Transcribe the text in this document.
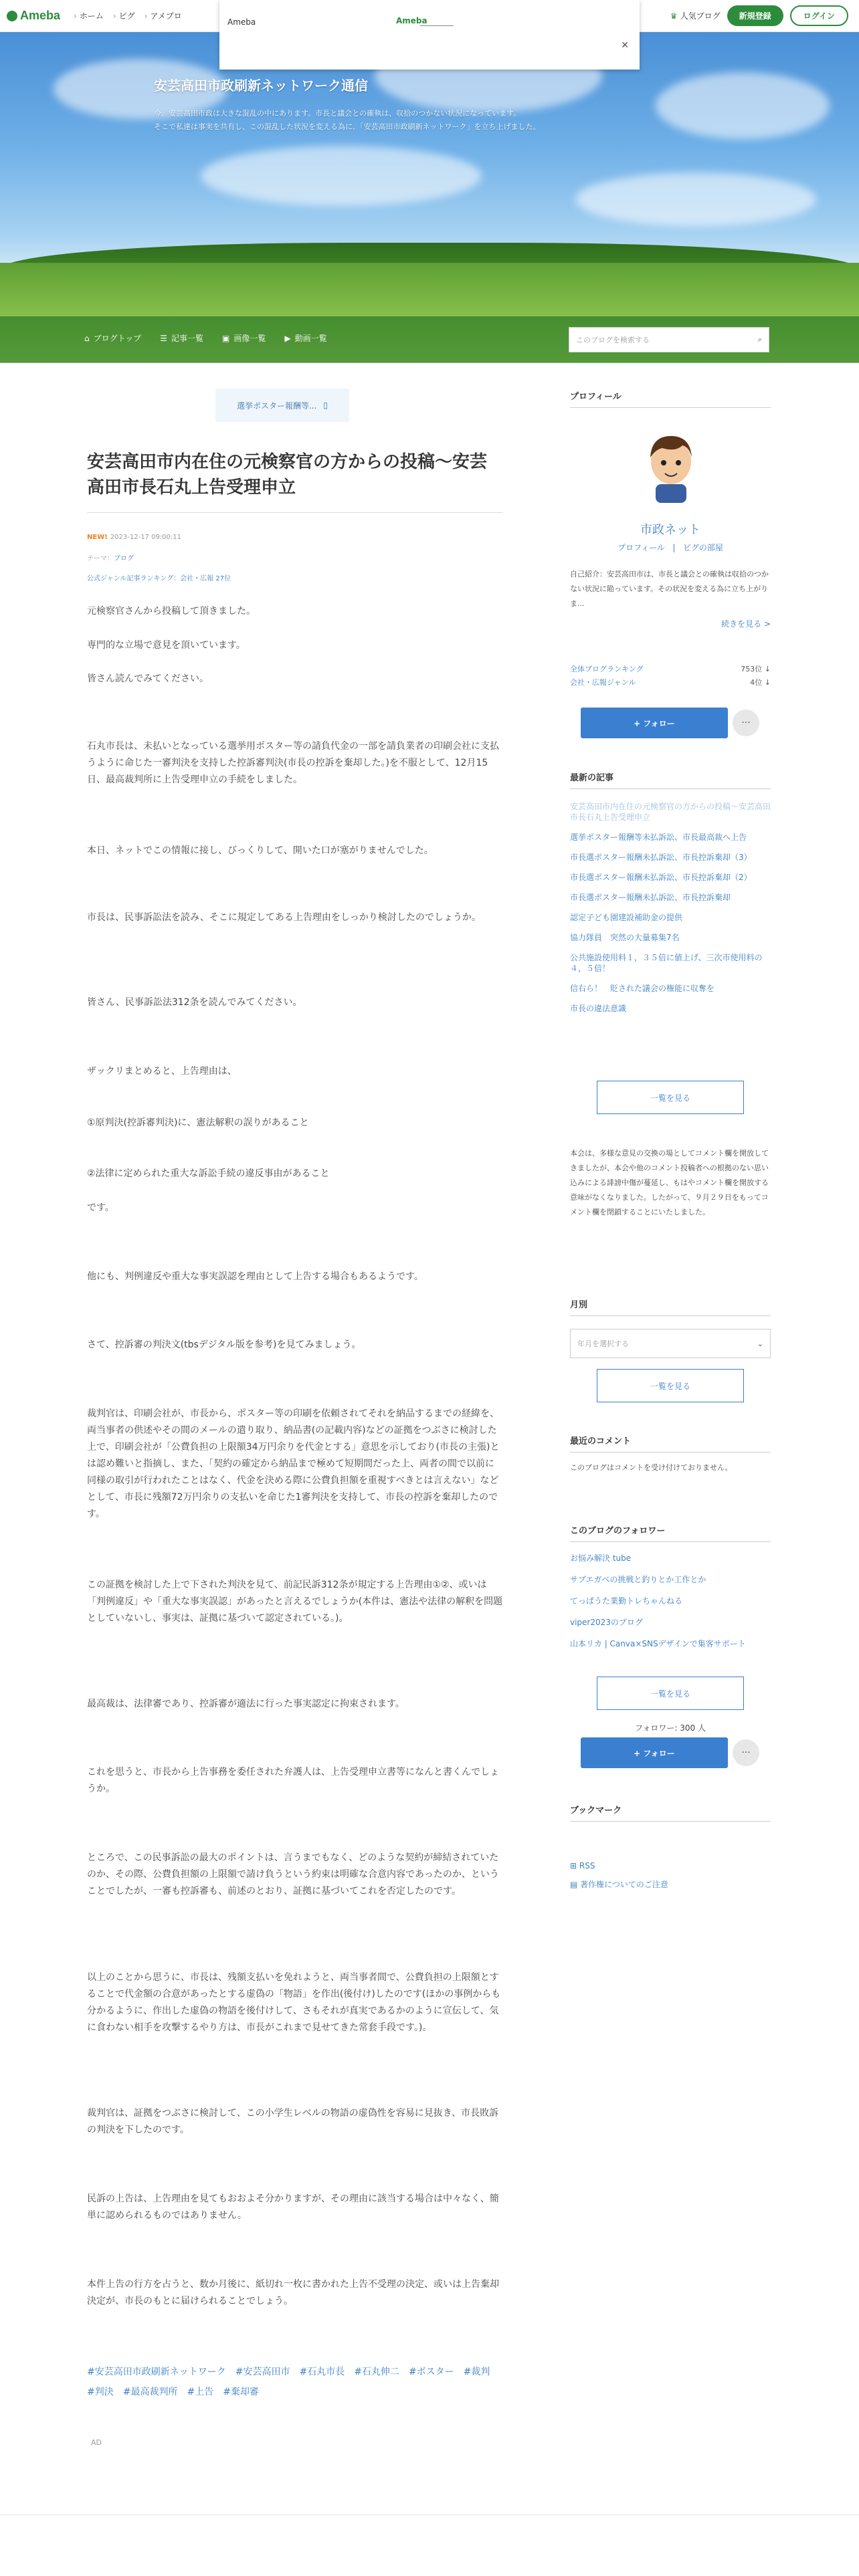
Ameba › ホーム › ピグ › アメブロ	♛ 人気ブログ	新規登録	ログイン
安芸高田市政刷新ネットワーク通信
今、安芸高田市政は大きな混乱の中にあります。市長と議会との確執は、収拾のつかない状況になっています。
そこで私達は事実を共有し、この混乱した状況を変える為に、「安芸高田市政刷新ネットワーク」を立ち上げました。
⌂ ブログトップ ☰ 記事一覧 ▣ 画像一覧 ▶ 動画一覧	このブログを検索する	⌕
Ameba	Ameba
✕
選挙ポスター報酬等... ▯
安芸高田市内在住の元検察官の方からの投稿～安芸高田市長石丸上告受理申立
NEW! 2023-12-17 09:00:11
テーマ：ブログ
公式ジャンル記事ランキング：会社・広報 27位
元検察官さんから投稿して頂きました。
専門的な立場で意見を頂いています。
皆さん読んでみてください。
石丸市長は、未払いとなっている選挙用ポスター等の請負代金の一部を請負業者の印刷会社に支払うように命じた一審判決を支持した控訴審判決(市長の控訴を棄却した。)を不服として、12月15日、最高裁判所に上告受理申立の手続をしました。
本日、ネットでこの情報に接し、びっくりして、開いた口が塞がりませんでした。
市長は、民事訴訟法を読み、そこに規定してある上告理由をしっかり検討したのでしょうか。
皆さん、民事訴訟法312条を読んでみてください。
ザックリまとめると、上告理由は、
①原判決(控訴審判決)に、憲法解釈の誤りがあること
②法律に定められた重大な訴訟手続の違反事由があること
です。
他にも、判例違反や重大な事実誤認を理由として上告する場合もあるようです。
さて、控訴審の判決文(tbsデジタル版を参考)を見てみましょう。
裁判官は、印刷会社が、市長から、ポスター等の印刷を依頼されてそれを納品するまでの経緯を、両当事者の供述やその間のメールの遣り取り、納品書(の記載内容)などの証拠をつぶさに検討した上で、印刷会社が「公費負担の上限額34万円余りを代金とする」意思を示しており(市長の主張)とは認め難いと指摘し、また、「契約の確定から納品まで極めて短期間だった上、両者の間で以前に同様の取引が行われたことはなく、代金を決める際に公費負担額を重視すべきとは言えない」などとして、市長に残額72万円余りの支払いを命じた1審判決を支持して、市長の控訴を棄却したのです。
この証拠を検討した上で下された判決を見て、前記民訴312条が規定する上告理由①②、或いは「判例違反」や「重大な事実誤認」があったと言えるでしょうか(本件は、憲法や法律の解釈を問題としていないし、事実は、証拠に基づいて認定されている。)。
最高裁は、法律審であり、控訴審が適法に行った事実認定に拘束されます。
これを思うと、市長から上告事務を委任された弁護人は、上告受理申立書等になんと書くんでしょうか。
ところで、この民事訴訟の最大のポイントは、言うまでもなく、どのような契約が締結されていたのか、その際、公費負担額の上限額で請け負うという約束は明確な合意内容であったのか、ということでしたが、一審も控訴審も、前述のとおり、証拠に基づいてこれを否定したのです。
以上のことから思うに、市長は、残額支払いを免れようと、両当事者間で、公費負担の上限額とすることで代金額の合意があったとする虚偽の「物語」を作出(後付け)したのです(ほかの事例からも分かるように、作出した虚偽の物語を後付けして、さもそれが真実であるかのように宣伝して、気に食わない相手を攻撃するやり方は、市長がこれまで見せてきた常套手段です。)。
裁判官は、証拠をつぶさに検討して、この小学生レベルの物語の虚偽性を容易に見抜き、市長敗訴の判決を下したのです。
民訴の上告は、上告理由を見てもおおよそ分かりますが、その理由に該当する場合は中々なく、簡単に認められるものではありません。
本件上告の行方を占うと、数か月後に、紙切れ一枚に書かれた上告不受理の決定、或いは上告棄却決定が、市長のもとに届けられることでしょう。
#安芸高田市政刷新ネットワーク　#安芸高田市　#石丸市長　#石丸伸二　#ボスター　#裁判　#判決　#最高裁判所　#上告　#棄却審
AD
プロフィール
市政ネット
プロフィール   |   ピグの部屋
自己紹介：安芸高田市は、市長と議会との確執は収拾のつかない状況に陥っています。その状況を変える為に立ち上がりま...
続きを見る >
全体ブログランキング	753位 ↓
会社・広報ジャンル	4位 ↓
+ フォロー	···
最新の記事
安芸高田市内在住の元検察官の方からの投稿～安芸高田市長石丸上告受理申立
選挙ポスター報酬等未払訴訟、市長最高裁へ上告
市長選ポスター報酬未払訴訟、市長控訴棄却（3）
市長選ポスター報酬未払訴訟、市長控訴棄却（2）
市長選ポスター報酬未払訴訟、市長控訴棄却
認定子ども園建設補助金の提供
協力隊員　突然の大量募集7名
公共施設使用料１，３５倍に値上げ、三次市使用料の４，５倍！
信右ら！　貶された議会の権能に収奪を
市長の違法意識
一覧を見る
本会は、多様な意見の交換の場としてコメント欄を開放してきましたが、本会や他のコメント投稿者への根拠のない思い込みによる誹謗中傷が蔓延し、もはやコメント欄を開放する意味がなくなりました。したがって、９月２９日をもってコメント欄を閉鎖することにいたしました。
月別
年月を選択する	⌄
一覧を見る
最近のコメント
このブログはコメントを受け付けておりません。
このブログのフォロワー
お悩み解決 tube
サブエガべの挑戦と釣りとか工作とか
てっぱうた業勤トレちゃんねる
viper2023のブログ
山本リカ | Canva×SNSデザインで集客サポート
一覧を見る
フォロワー: 300 人
+ フォロー	···
ブックマーク
⊞ RSS
▤ 著作権についてのご注意
